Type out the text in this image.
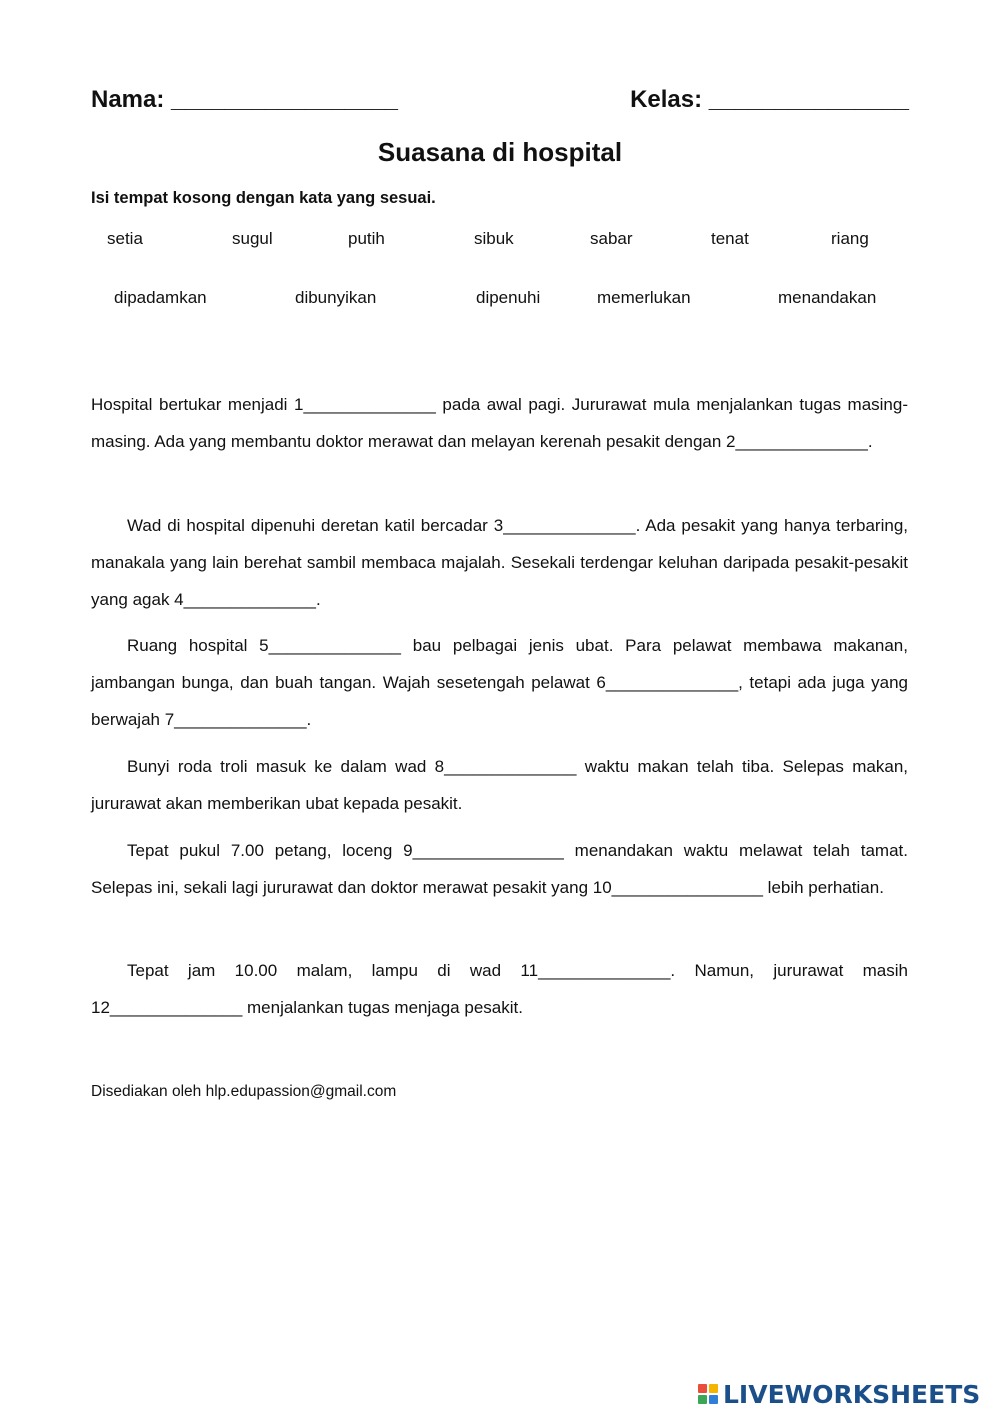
Nama: _________________	Kelas: _______________
Suasana di hospital
Isi tempat kosong dengan kata yang sesuai.
setia	sugul	putih	sibuk	sabar	tenat	riang
dipadamkan	dibunyikan	dipenuhi	memerlukan	menandakan

Hospital bertukar menjadi 1______________ pada awal pagi. Jururawat mula menjalankan tugas masing-masing. Ada yang membantu doktor merawat dan melayan kerenah pesakit dengan 2______________.

Wad di hospital dipenuhi deretan katil bercadar 3______________. Ada pesakit yang hanya terbaring, manakala yang lain berehat sambil membaca majalah. Sesekali terdengar keluhan daripada pesakit-pesakit yang agak 4______________.

Ruang hospital 5______________ bau pelbagai jenis ubat. Para pelawat membawa makanan, jambangan bunga, dan buah tangan. Wajah sesetengah pelawat 6______________, tetapi ada juga yang berwajah 7______________.

Bunyi roda troli masuk ke dalam wad 8______________ waktu makan telah tiba. Selepas makan, jururawat akan memberikan ubat kepada pesakit.

Tepat pukul 7.00 petang, loceng 9________________ menandakan waktu melawat telah tamat. Selepas ini, sekali lagi jururawat dan doktor merawat pesakit yang 10________________ lebih perhatian.

Tepat jam 10.00 malam, lampu di wad 11______________. Namun, jururawat masih 12______________ menjalankan tugas menjaga pesakit.

Disediakan oleh hlp.edupassion@gmail.com
LIVEWORKSHEETS
